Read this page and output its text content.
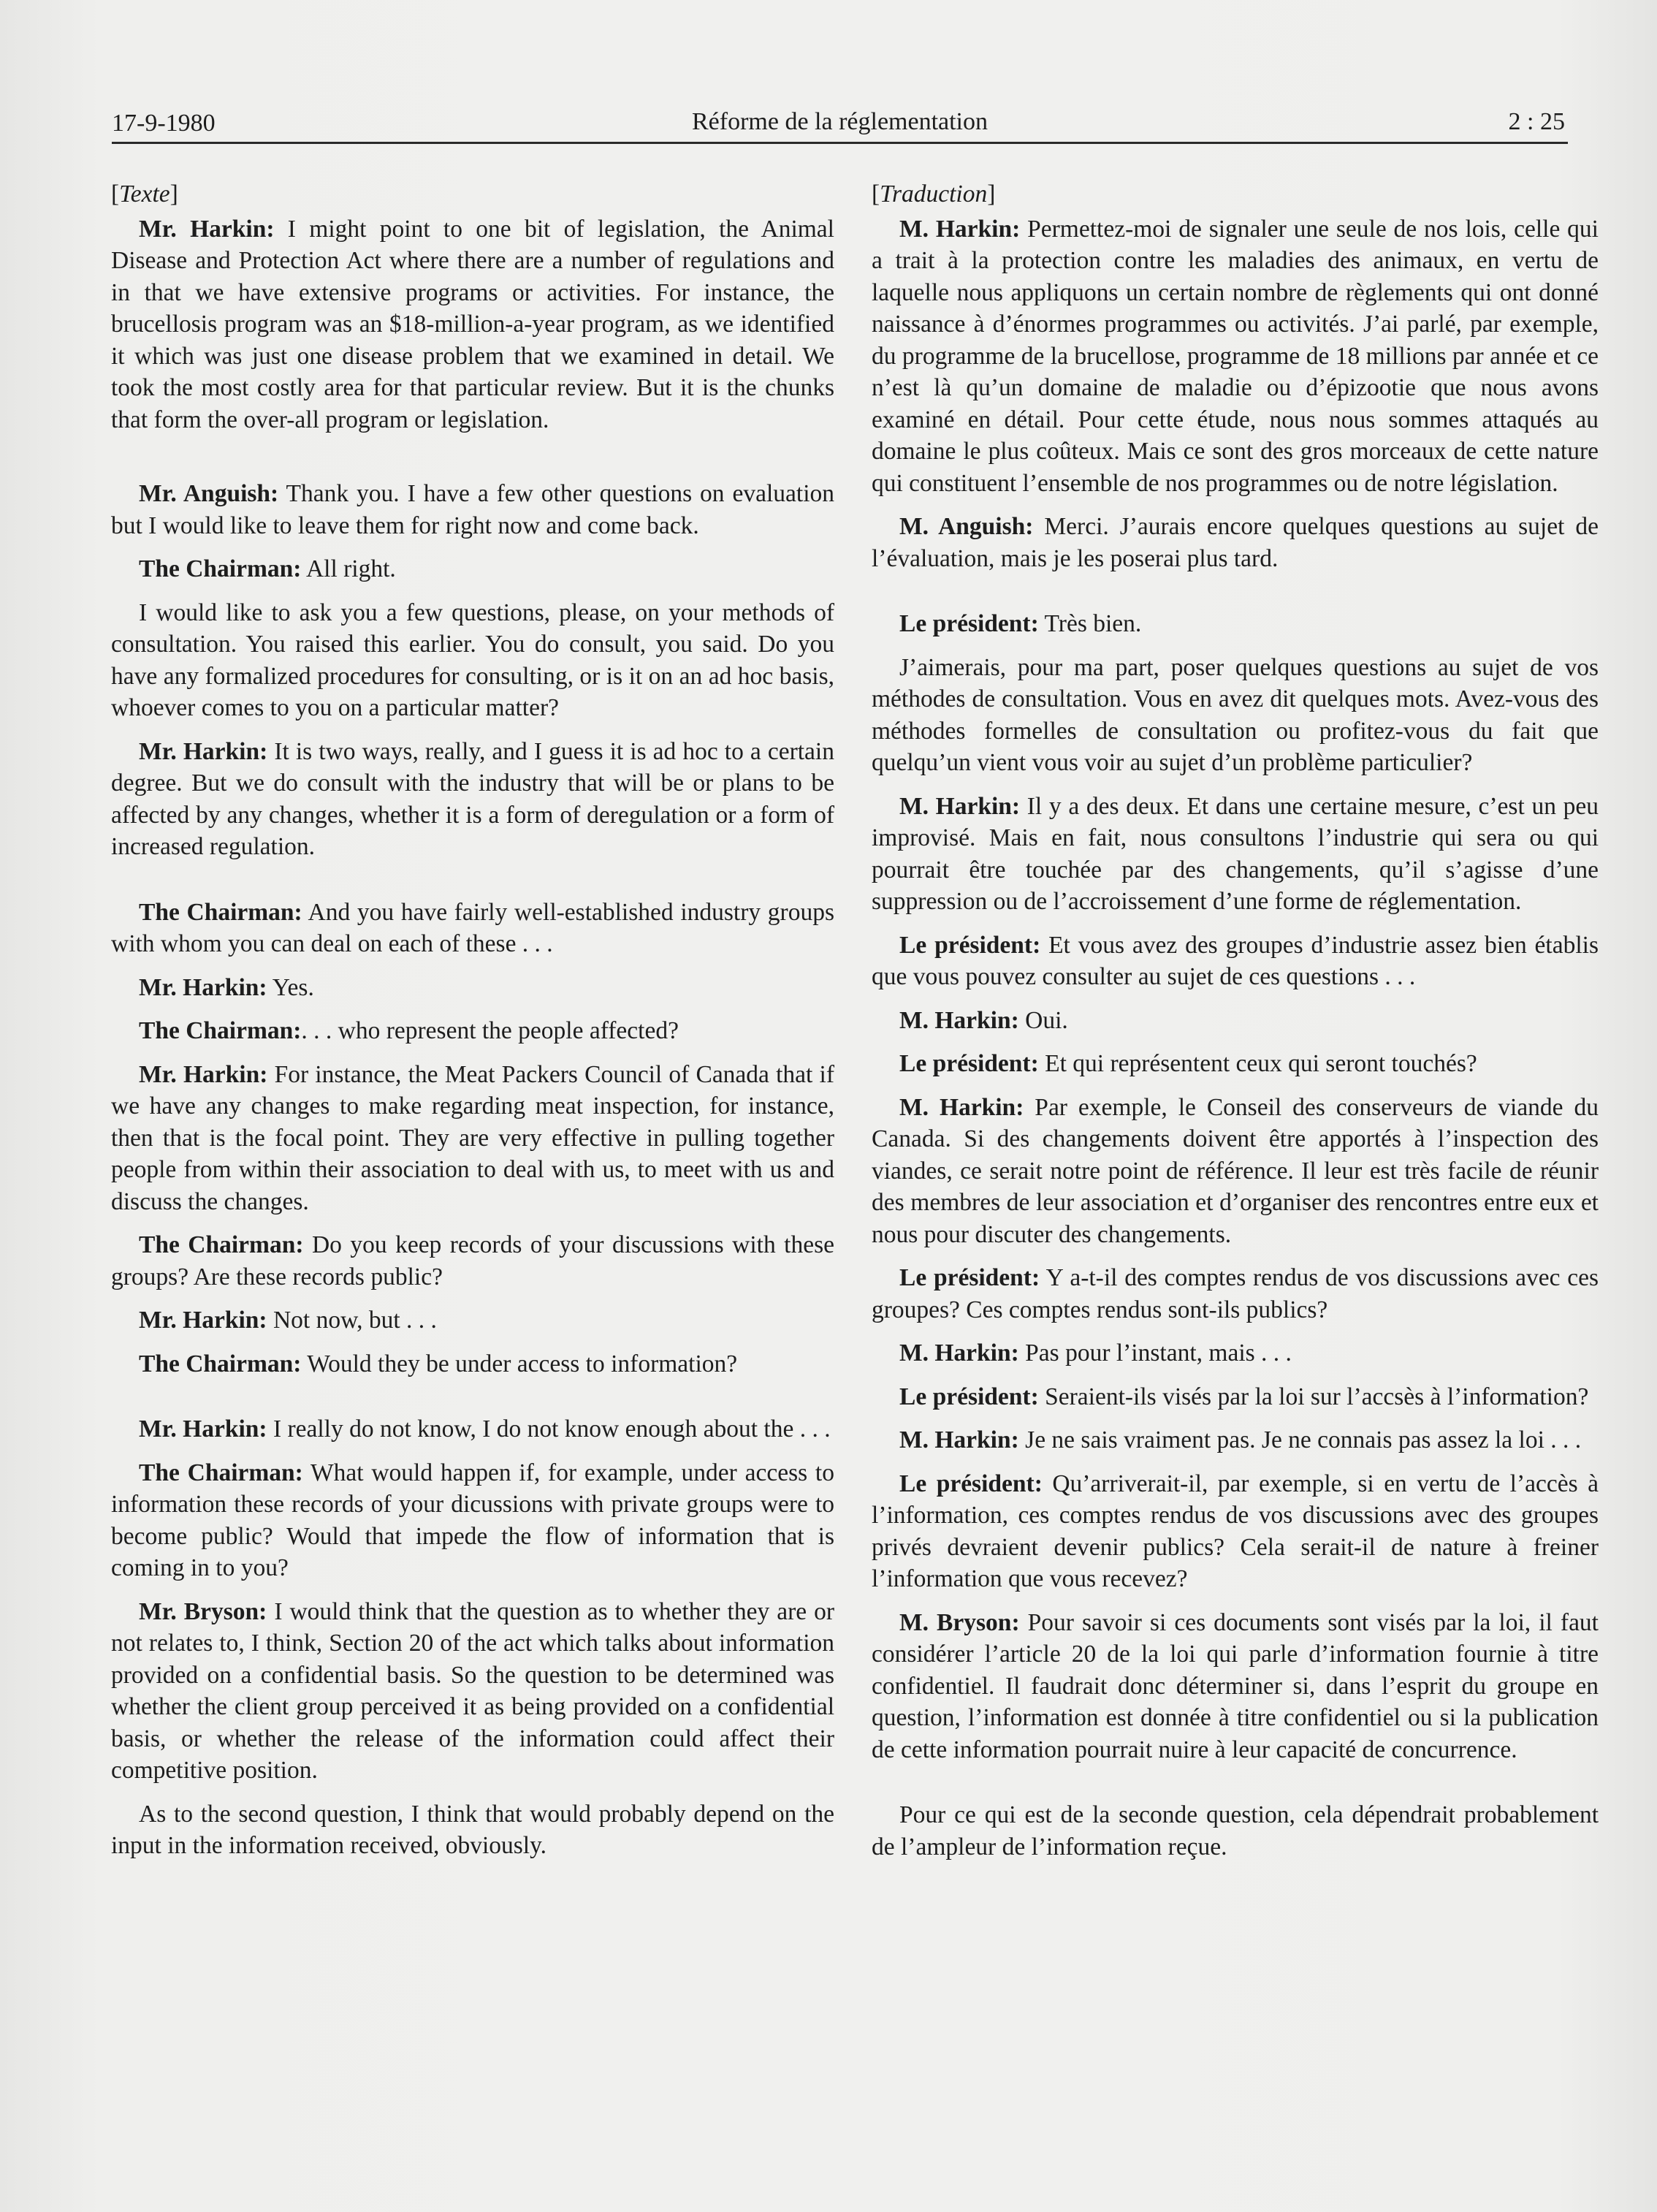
17-9-1980	Réforme de la réglementation	2 : 25
[Texte]

Mr. Harkin: I might point to one bit of legislation, the Animal Disease and Protection Act where there are a number of regulations and in that we have extensive programs or activities. For instance, the brucellosis program was an $18-million-a-year program, as we identified it which was just one disease problem that we examined in detail. We took the most costly area for that particular review. But it is the chunks that form the over-all program or legislation.

Mr. Anguish: Thank you. I have a few other questions on evaluation but I would like to leave them for right now and come back.

The Chairman: All right.

I would like to ask you a few questions, please, on your methods of consultation. You raised this earlier. You do consult, you said. Do you have any formalized procedures for consulting, or is it on an ad hoc basis, whoever comes to you on a particular matter?

Mr. Harkin: It is two ways, really, and I guess it is ad hoc to a certain degree. But we do consult with the industry that will be or plans to be affected by any changes, whether it is a form of deregulation or a form of increased regulation.

The Chairman: And you have fairly well-established industry groups with whom you can deal on each of these . . .

Mr. Harkin: Yes.

The Chairman:. . . who represent the people affected?

Mr. Harkin: For instance, the Meat Packers Council of Canada that if we have any changes to make regarding meat inspection, for instance, then that is the focal point. They are very effective in pulling together people from within their association to deal with us, to meet with us and discuss the changes.

The Chairman: Do you keep records of your discussions with these groups? Are these records public?

Mr. Harkin: Not now, but . . .

The Chairman: Would they be under access to information?

Mr. Harkin: I really do not know, I do not know enough about the . . .

The Chairman: What would happen if, for example, under access to information these records of your dicussions with private groups were to become public? Would that impede the flow of information that is coming in to you?

Mr. Bryson: I would think that the question as to whether they are or not relates to, I think, Section 20 of the act which talks about information provided on a confidential basis. So the question to be determined was whether the client group perceived it as being provided on a confidential basis, or whether the release of the information could affect their competitive position.

As to the second question, I think that would probably depend on the input in the information received, obviously.

[Traduction]

M. Harkin: Permettez-moi de signaler une seule de nos lois, celle qui a trait à la protection contre les maladies des animaux, en vertu de laquelle nous appliquons un certain nombre de règlements qui ont donné naissance à d’énormes programmes ou activités. J’ai parlé, par exemple, du programme de la brucellose, programme de 18 millions par année et ce n’est là qu’un domaine de maladie ou d’épizootie que nous avons examiné en détail. Pour cette étude, nous nous sommes attaqués au domaine le plus coûteux. Mais ce sont des gros morceaux de cette nature qui constituent l’ensemble de nos programmes ou de notre législation.

M. Anguish: Merci. J’aurais encore quelques questions au sujet de l’évaluation, mais je les poserai plus tard.

Le président: Très bien.

J’aimerais, pour ma part, poser quelques questions au sujet de vos méthodes de consultation. Vous en avez dit quelques mots. Avez-vous des méthodes formelles de consultation ou profitez-vous du fait que quelqu’un vient vous voir au sujet d’un problème particulier?

M. Harkin: Il y a des deux. Et dans une certaine mesure, c’est un peu improvisé. Mais en fait, nous consultons l’industrie qui sera ou qui pourrait être touchée par des changements, qu’il s’agisse d’une suppression ou de l’accroissement d’une forme de réglementation.

Le président: Et vous avez des groupes d’industrie assez bien établis que vous pouvez consulter au sujet de ces questions . . .

M. Harkin: Oui.

Le président: Et qui représentent ceux qui seront touchés?

M. Harkin: Par exemple, le Conseil des conserveurs de viande du Canada. Si des changements doivent être apportés à l’inspection des viandes, ce serait notre point de référence. Il leur est très facile de réunir des membres de leur association et d’organiser des rencontres entre eux et nous pour discuter des changements.

Le président: Y a-t-il des comptes rendus de vos discussions avec ces groupes? Ces comptes rendus sont-ils publics?

M. Harkin: Pas pour l’instant, mais . . .

Le président: Seraient-ils visés par la loi sur l’accsès à l’information?

M. Harkin: Je ne sais vraiment pas. Je ne connais pas assez la loi . . .

Le président: Qu’arriverait-il, par exemple, si en vertu de l’accès à l’information, ces comptes rendus de vos discussions avec des groupes privés devraient devenir publics? Cela serait-il de nature à freiner l’information que vous recevez?

M. Bryson: Pour savoir si ces documents sont visés par la loi, il faut considérer l’article 20 de la loi qui parle d’information fournie à titre confidentiel. Il faudrait donc déterminer si, dans l’esprit du groupe en question, l’information est donnée à titre confidentiel ou si la publication de cette information pourrait nuire à leur capacité de concurrence.

Pour ce qui est de la seconde question, cela dépendrait probablement de l’ampleur de l’information reçue.
